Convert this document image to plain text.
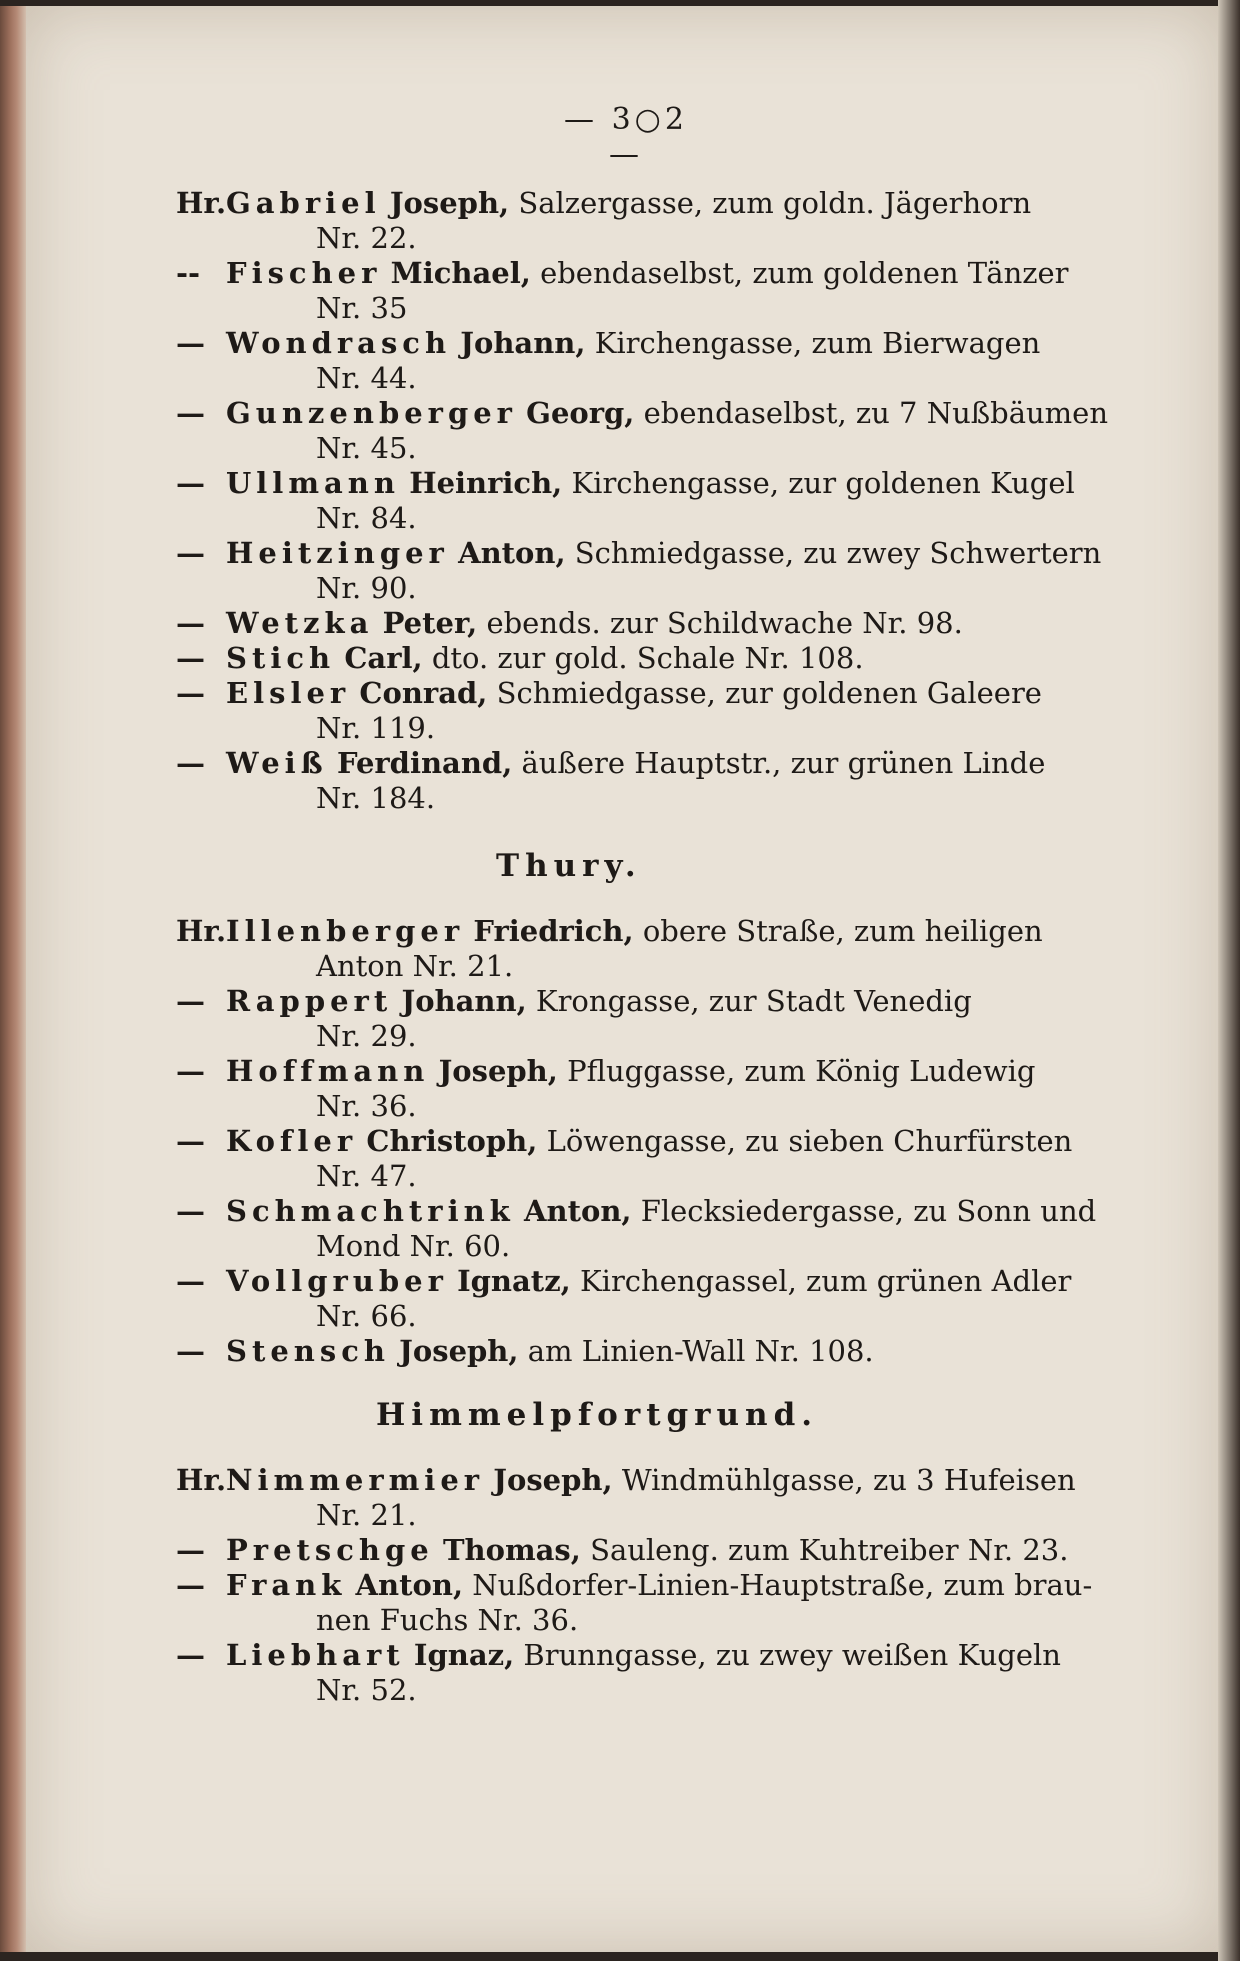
— 3○2 —
Hr.Gabriel Joseph, Salzergasse, zum goldn. Jägerhorn
Nr. 22.
-- Fischer Michael, ebendaselbst, zum goldenen Tänzer
Nr. 35
— Wondrasch Johann, Kirchengasse, zum Bierwagen
Nr. 44.
— Gunzenberger Georg, ebendaselbst, zu 7 Nußbäumen
Nr. 45.
— Ullmann Heinrich, Kirchengasse, zur goldenen Kugel
Nr. 84.
— Heitzinger Anton, Schmiedgasse, zu zwey Schwertern
Nr. 90.
— Wetzka Peter, ebends. zur Schildwache Nr. 98.
— Stich Carl, dto. zur gold. Schale Nr. 108.
— Elsler Conrad, Schmiedgasse, zur goldenen Galeere
Nr. 119.
— Weiß Ferdinand, äußere Hauptstr., zur grünen Linde
Nr. 184.
Thury.
Hr.Illenberger Friedrich, obere Straße, zum heiligen
Anton Nr. 21.
— Rappert Johann, Krongasse, zur Stadt Venedig
Nr. 29.
— Hoffmann Joseph, Pfluggasse, zum König Ludewig
Nr. 36.
— Kofler Christoph, Löwengasse, zu sieben Churfürsten
Nr. 47.
— Schmachtrink Anton, Flecksiedergasse, zu Sonn und
Mond Nr. 60.
— Vollgruber Ignatz, Kirchengassel, zum grünen Adler
Nr. 66.
— Stensch Joseph, am Linien-Wall Nr. 108.
Himmelpfortgrund.
Hr.Nimmermier Joseph, Windmühlgasse, zu 3 Hufeisen
Nr. 21.
— Pretschge Thomas, Sauleng. zum Kuhtreiber Nr. 23.
— Frank Anton, Nußdorfer-Linien-Hauptstraße, zum brau-
nen Fuchs Nr. 36.
— Liebhart Ignaz, Brunngasse, zu zwey weißen Kugeln
Nr. 52.
